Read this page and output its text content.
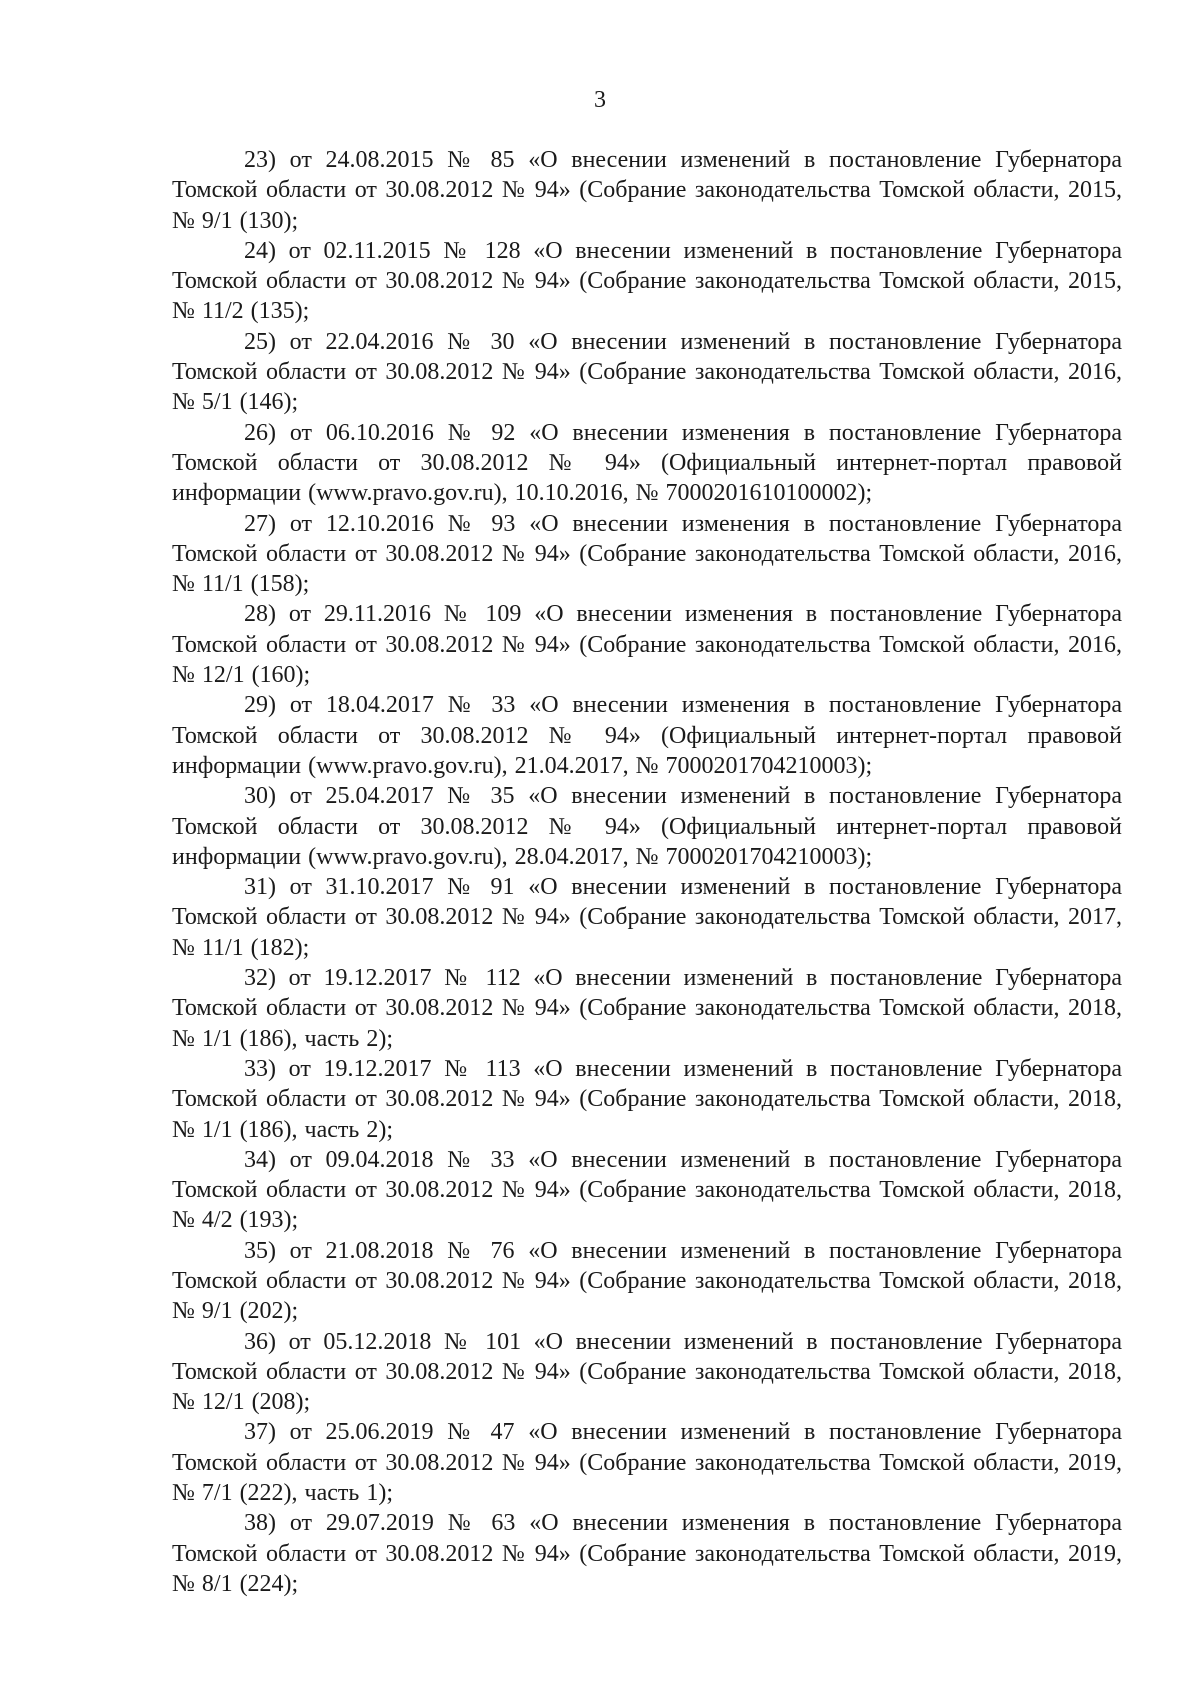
3

23) от 24.08.2015 № 85 «О внесении изменений в постановление Губернатора Томской области от 30.08.2012 № 94» (Собрание законодательства Томской области, 2015, № 9/1 (130);

24) от 02.11.2015 № 128 «О внесении изменений в постановление Губернатора Томской области от 30.08.2012 № 94» (Собрание законодательства Томской области, 2015, № 11/2 (135);

25) от 22.04.2016 № 30 «О внесении изменений в постановление Губернатора Томской области от 30.08.2012 № 94» (Собрание законодательства Томской области, 2016, № 5/1 (146);

26) от 06.10.2016 № 92 «О внесении изменения в постановление Губернатора Томской области от 30.08.2012 № 94» (Официальный интернет-портал правовой информации (www.pravo.gov.ru), 10.10.2016, № 7000201610100002);

27) от 12.10.2016 № 93 «О внесении изменения в постановление Губернатора Томской области от 30.08.2012 № 94» (Собрание законодательства Томской области, 2016, № 11/1 (158);

28) от 29.11.2016 № 109 «О внесении изменения в постановление Губернатора Томской области от 30.08.2012 № 94» (Собрание законодательства Томской области, 2016, № 12/1 (160);

29) от 18.04.2017 № 33 «О внесении изменения в постановление Губернатора Томской области от 30.08.2012 № 94» (Официальный интернет-портал правовой информации (www.pravo.gov.ru), 21.04.2017, № 7000201704210003);

30) от 25.04.2017 № 35 «О внесении изменений в постановление Губернатора Томской области от 30.08.2012 № 94» (Официальный интернет-портал правовой информации (www.pravo.gov.ru), 28.04.2017, № 7000201704210003);

31) от 31.10.2017 № 91 «О внесении изменений в постановление Губернатора Томской области от 30.08.2012 № 94» (Собрание законодательства Томской области, 2017, № 11/1 (182);

32) от 19.12.2017 № 112 «О внесении изменений в постановление Губернатора Томской области от 30.08.2012 № 94» (Собрание законодательства Томской области, 2018, № 1/1 (186), часть 2);

33) от 19.12.2017 № 113 «О внесении изменений в постановление Губернатора Томской области от 30.08.2012 № 94» (Собрание законодательства Томской области, 2018, № 1/1 (186), часть 2);

34) от 09.04.2018 № 33 «О внесении изменений в постановление Губернатора Томской области от 30.08.2012 № 94» (Собрание законодательства Томской области, 2018, № 4/2 (193);

35) от 21.08.2018 № 76 «О внесении изменений в постановление Губернатора Томской области от 30.08.2012 № 94» (Собрание законодательства Томской области, 2018, № 9/1 (202);

36) от 05.12.2018 № 101 «О внесении изменений в постановление Губернатора Томской области от 30.08.2012 № 94» (Собрание законодательства Томской области, 2018, № 12/1 (208);

37) от 25.06.2019 № 47 «О внесении изменений в постановление Губернатора Томской области от 30.08.2012 № 94» (Собрание законодательства Томской области, 2019, № 7/1 (222), часть 1);

38) от 29.07.2019 № 63 «О внесении изменения в постановление Губернатора Томской области от 30.08.2012 № 94» (Собрание законодательства Томской области, 2019, № 8/1 (224);
